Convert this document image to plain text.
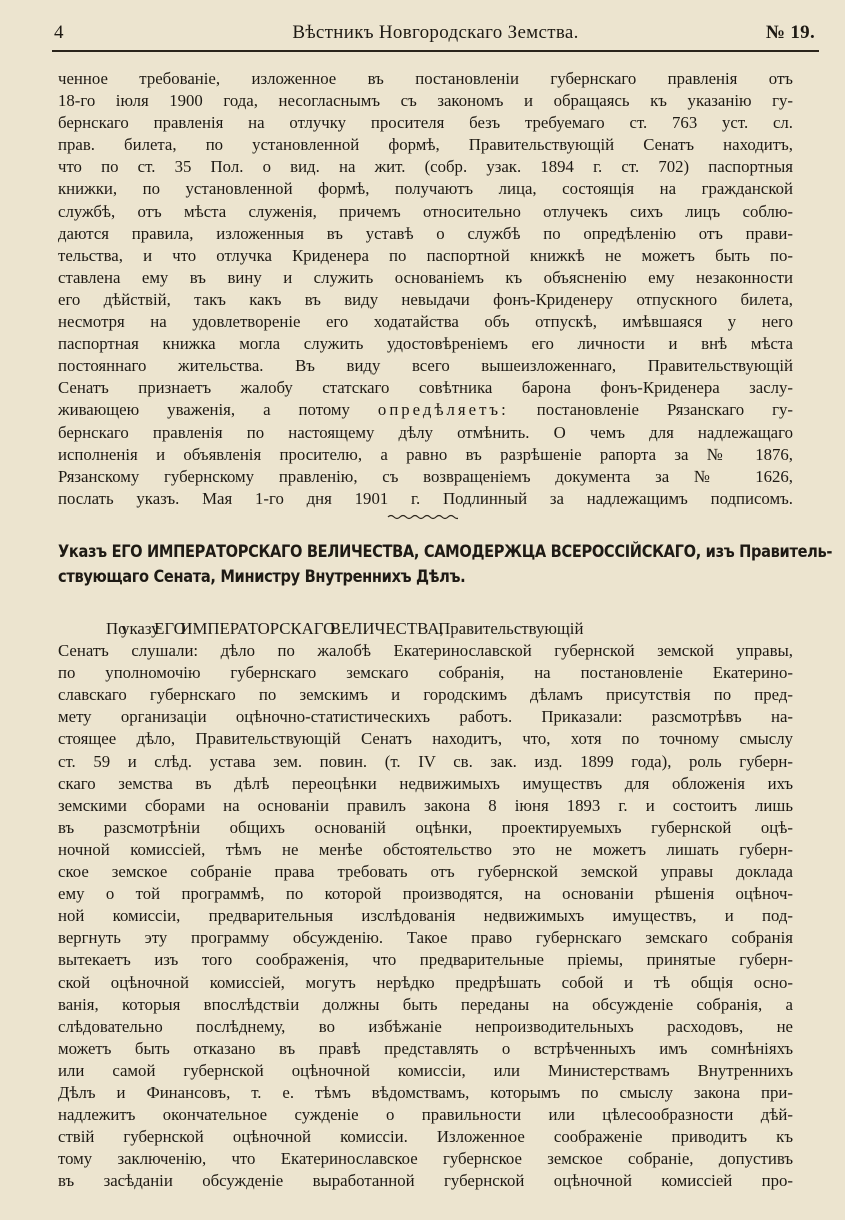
4	Вѣстникъ Новгородскаго Земства.	№ 19.
ченное требованіе, изложенное въ постановленіи губернскаго правленія отъ
18-го іюля 1900 года, несогласнымъ съ закономъ и обращаясь къ указанію гу-
бернскаго правленія на отлучку просителя безъ требуемаго ст. 763 уст. сл.
прав. билета, по установленной формѣ, Правительствующій Сенатъ находитъ,
что по ст. 35 Пол. о вид. на жит. (собр. узак. 1894 г. ст. 702) паспортныя
книжки, по установленной формѣ, получаютъ лица, состоящія на гражданской
службѣ, отъ мѣста служенія, причемъ относительно отлучекъ сихъ лицъ соблю-
даются правила, изложенныя въ уставѣ о службѣ по опредѣленію отъ прави-
тельства, и что отлучка Криденера по паспортной книжкѣ не можетъ быть по-
ставлена ему въ вину и служить основаніемъ къ объясненію ему незаконности
его дѣйствій, такъ какъ въ виду невыдачи фонъ-Криденеру отпускного билета,
несмотря на удовлетвореніе его ходатайства объ отпускѣ, имѣвшаяся у него
паспортная книжка могла служить удостовѣреніемъ его личности и внѣ мѣста
постояннаго жительства. Въ виду всего вышеизложеннаго, Правительствующій
Сенатъ признаетъ жалобу статскаго совѣтника барона фонъ-Криденера заслу-
живающею уваженія, а потому опредѣляетъ: постановленіе Рязанскаго гу-
бернскаго правленія по настоящему дѣлу отмѣнить. О чемъ для надлежащаго
исполненія и объявленія просителю, а равно въ разрѣшеніе рапорта за № 1876,
Рязанскому губернскому правленію, съ возвращеніемъ документа за № 1626,
послать указъ. Мая 1-го дня 1901 г. Подлинный за надлежащимъ подписомъ.
Указъ ЕГО ИМПЕРАТОРСКАГО ВЕЛИЧЕСТВА, САМОДЕРЖЦА ВСЕРОССІЙСКАГО, изъ Правитель-
ствующаго Сената, Министру Внутреннихъ Дѣлъ.
По указу ЕГО ИМПЕРАТОРСКАГО ВЕЛИЧЕСТВА, Правительствующій
Сенатъ слушали: дѣло по жалобѣ Екатеринославской губернской земской управы,
по уполномочію губернскаго земскаго собранія, на постановленіе Екатерино-
славскаго губернскаго по земскимъ и городскимъ дѣламъ присутствія по пред-
мету организаціи оцѣночно-статистическихъ работъ. Приказали: разсмотрѣвъ на-
стоящее дѣло, Правительствующій Сенатъ находитъ, что, хотя по точному смыслу
ст. 59 и слѣд. устава зем. повин. (т. IV св. зак. изд. 1899 года), роль губерн-
скаго земства въ дѣлѣ переоцѣнки недвижимыхъ имуществъ для обложенія ихъ
земскими сборами на основаніи правилъ закона 8 іюня 1893 г. и состоитъ лишь
въ разсмотрѣніи общихъ основаній оцѣнки, проектируемыхъ губернской оцѣ-
ночной комиссіей, тѣмъ не менѣе обстоятельство это не можетъ лишать губерн-
ское земское собраніе права требовать отъ губернской земской управы доклада
ему о той программѣ, по которой производятся, на основаніи рѣшенія оцѣноч-
ной комиссіи, предварительныя изслѣдованія недвижимыхъ имуществъ, и под-
вергнуть эту программу обсужденію. Такое право губернскаго земскаго собранія
вытекаетъ изъ того соображенія, что предварительные пріемы, принятые губерн-
ской оцѣночной комиссіей, могутъ нерѣдко предрѣшать собой и тѣ общія осно-
ванія, которыя впослѣдствіи должны быть переданы на обсужденіе собранія, а
слѣдовательно послѣднему, во избѣжаніе непроизводительныхъ расходовъ, не
можетъ быть отказано въ правѣ представлять о встрѣченныхъ имъ сомнѣніяхъ
или самой губернской оцѣночной комиссіи, или Министерствамъ Внутреннихъ
Дѣлъ и Финансовъ, т. е. тѣмъ вѣдомствамъ, которымъ по смыслу закона при-
надлежитъ окончательное сужденіе о правильности или цѣлесообразности дѣй-
ствій губернской оцѣночной комиссіи. Изложенное соображеніе приводитъ къ
тому заключенію, что Екатеринославское губернское земское собраніе, допустивъ
въ засѣданіи обсужденіе выработанной губернской оцѣночной комиссіей про-
